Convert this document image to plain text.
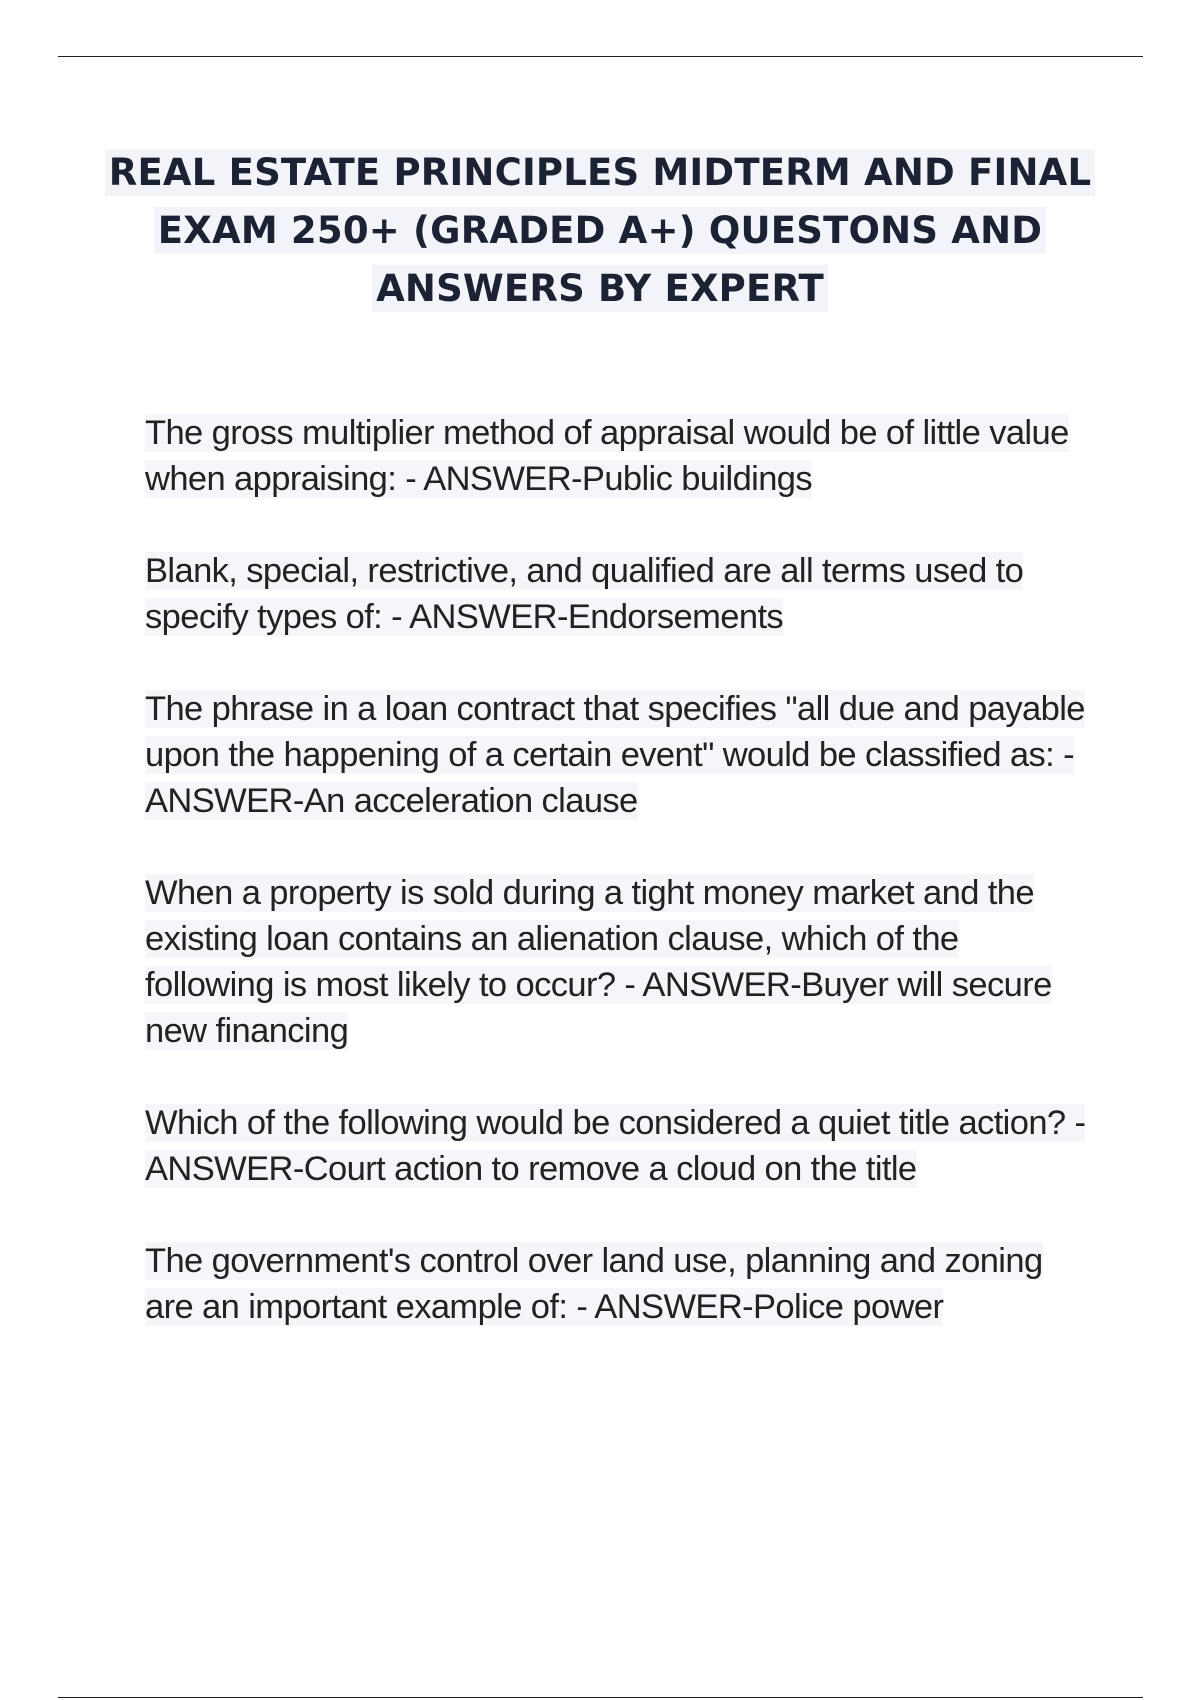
REAL ESTATE PRINCIPLES MIDTERM AND FINAL EXAM 250+ (GRADED A+) QUESTONS AND ANSWERS BY EXPERT
The gross multiplier method of appraisal would be of little value when appraising: - ANSWER-Public buildings
Blank, special, restrictive, and qualified are all terms used to specify types of: - ANSWER-Endorsements
The phrase in a loan contract that specifies "all due and payable upon the happening of a certain event" would be classified as: - ANSWER-An acceleration clause
When a property is sold during a tight money market and the existing loan contains an alienation clause, which of the following is most likely to occur? - ANSWER-Buyer will secure new financing
Which of the following would be considered a quiet title action? - ANSWER-Court action to remove a cloud on the title
The government's control over land use, planning and zoning are an important example of: - ANSWER-Police power
